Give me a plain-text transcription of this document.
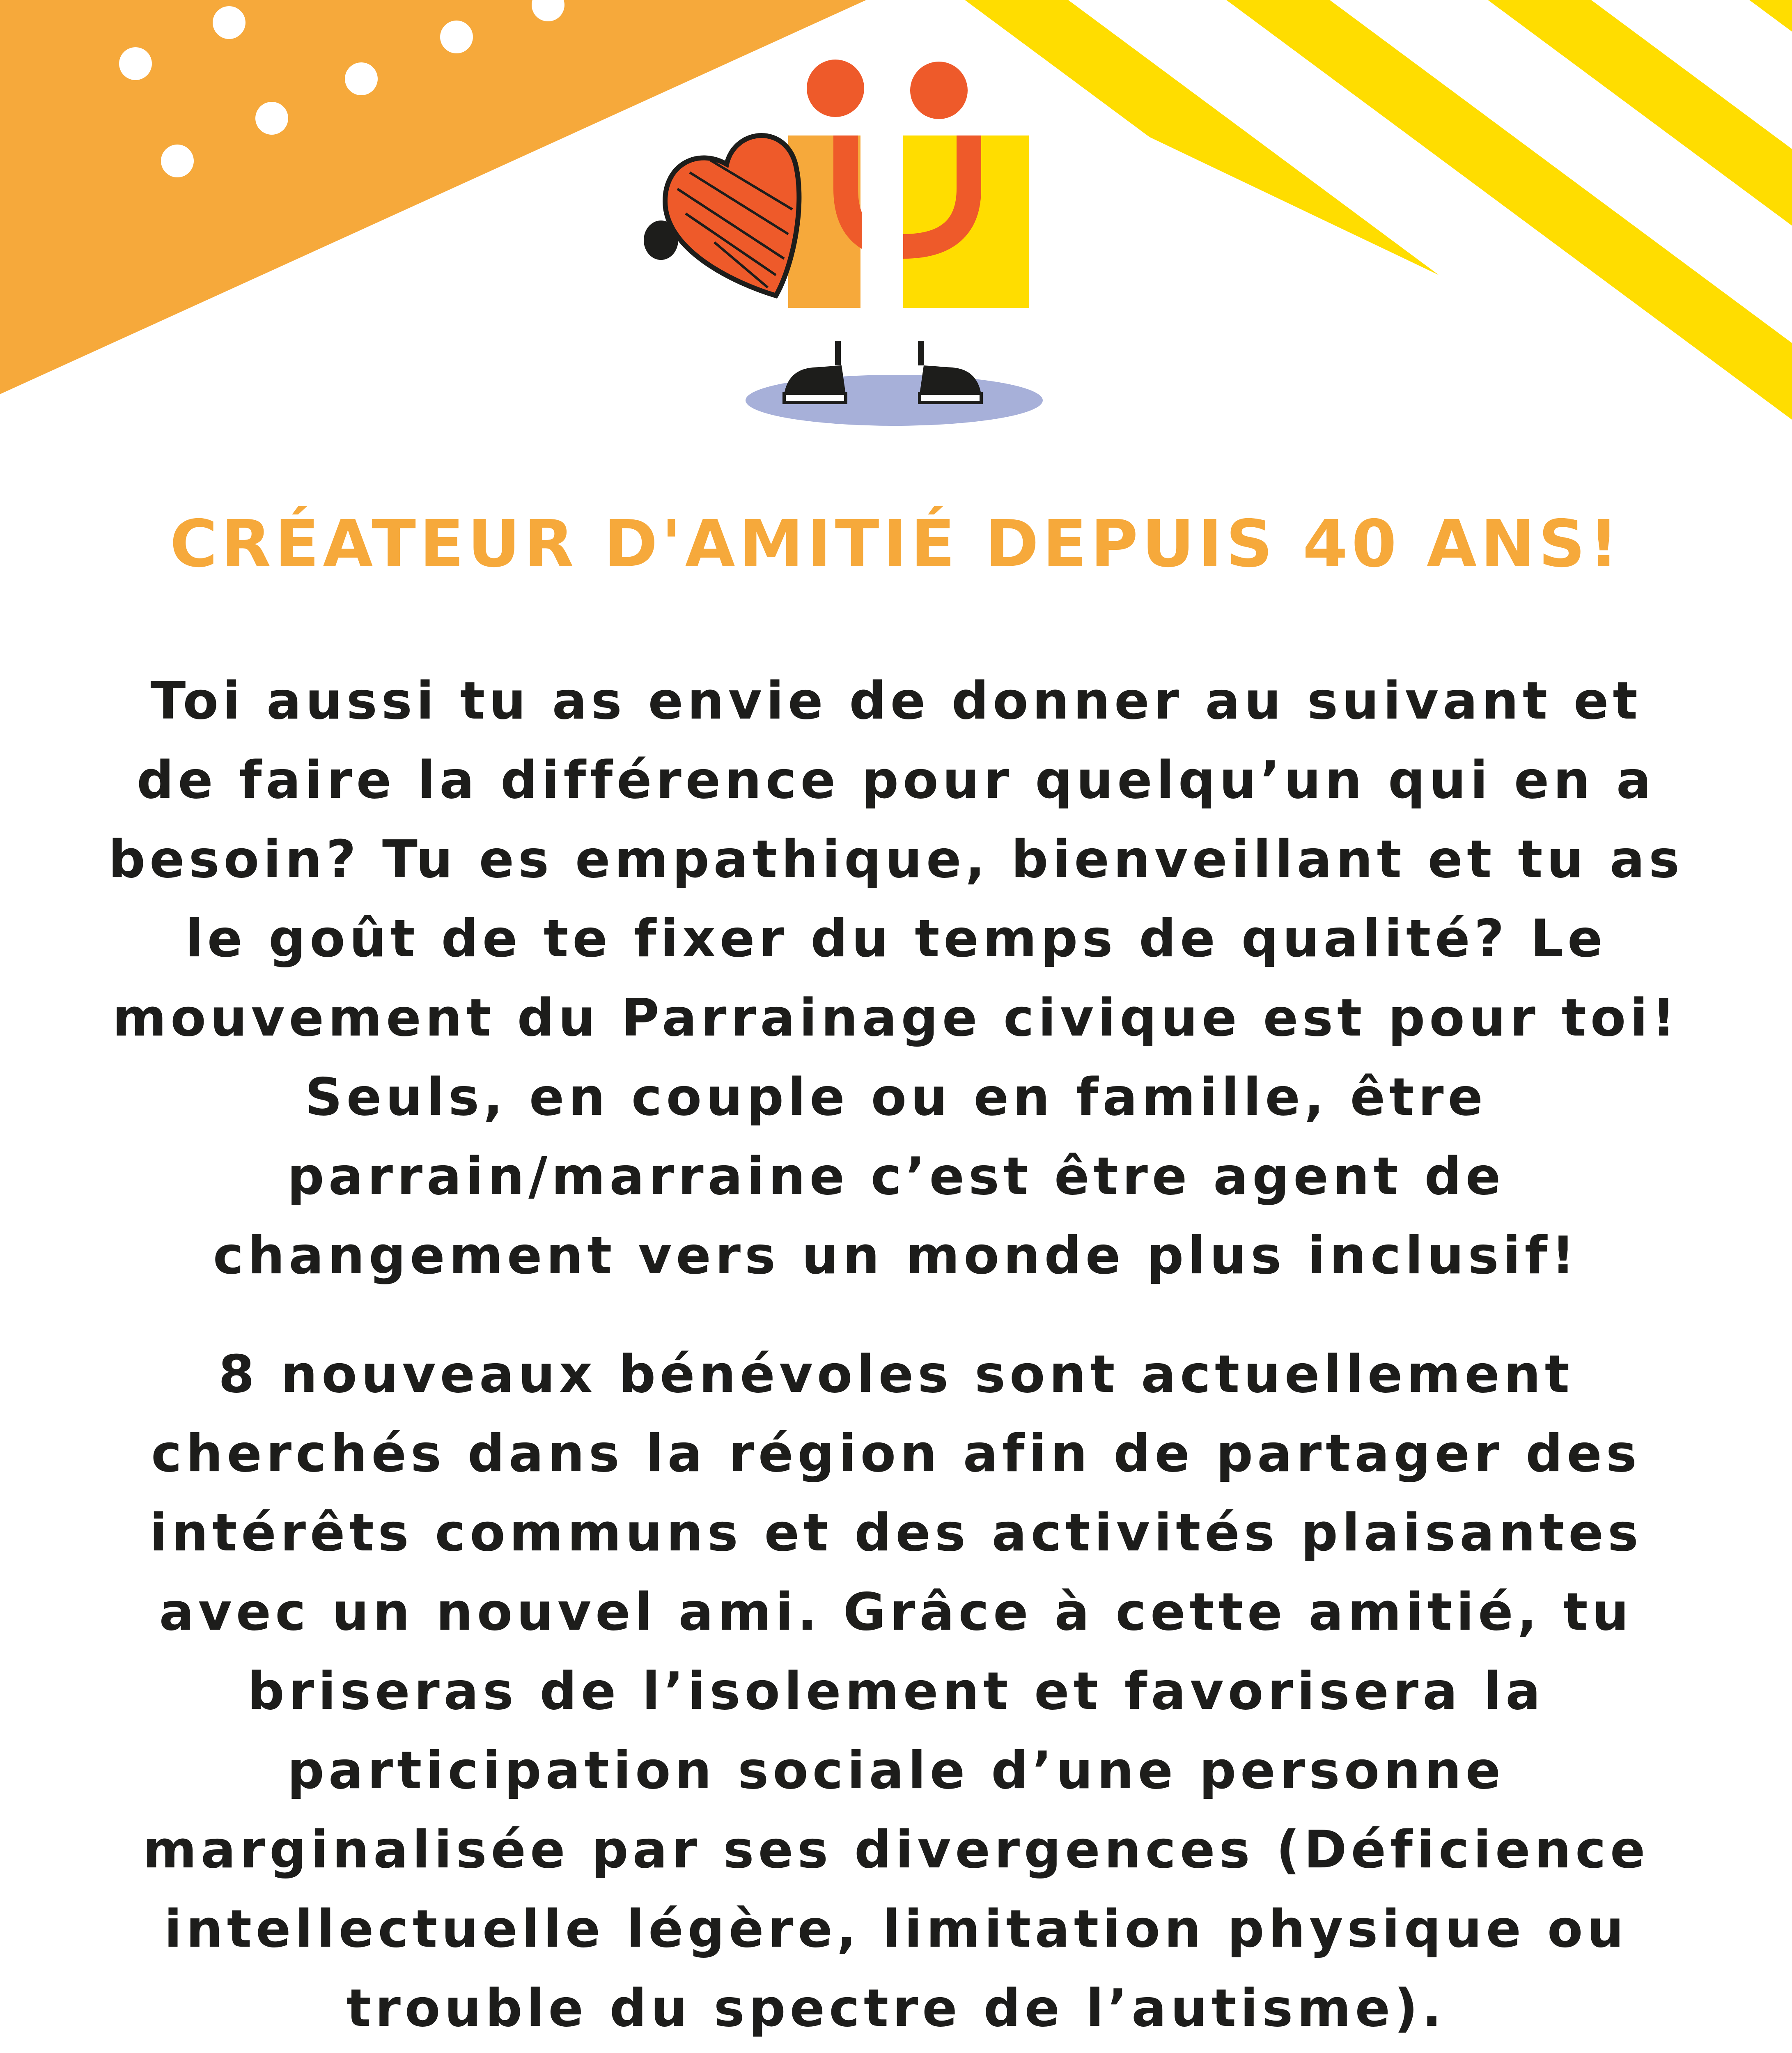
CRÉATEUR D'AMITIÉ DEPUIS 40 ANS!

Toi aussi tu as envie de donner au suivant et de faire la différence pour quelqu’un qui en a besoin? Tu es empathique, bienveillant et tu as le goût de te fixer du temps de qualité? Le mouvement du Parrainage civique est pour toi! Seuls, en couple ou en famille, être parrain/marraine c’est être agent de changement vers un monde plus inclusif!

8 nouveaux bénévoles sont actuellement cherchés dans la région afin de partager des intérêts communs et des activités plaisantes avec un nouvel ami. Grâce à cette amitié, tu briseras de l’isolement et favorisera la participation sociale d’une personne marginalisée par ses divergences (Déficience intellectuelle légère, limitation physique ou trouble du spectre de l’autisme).
